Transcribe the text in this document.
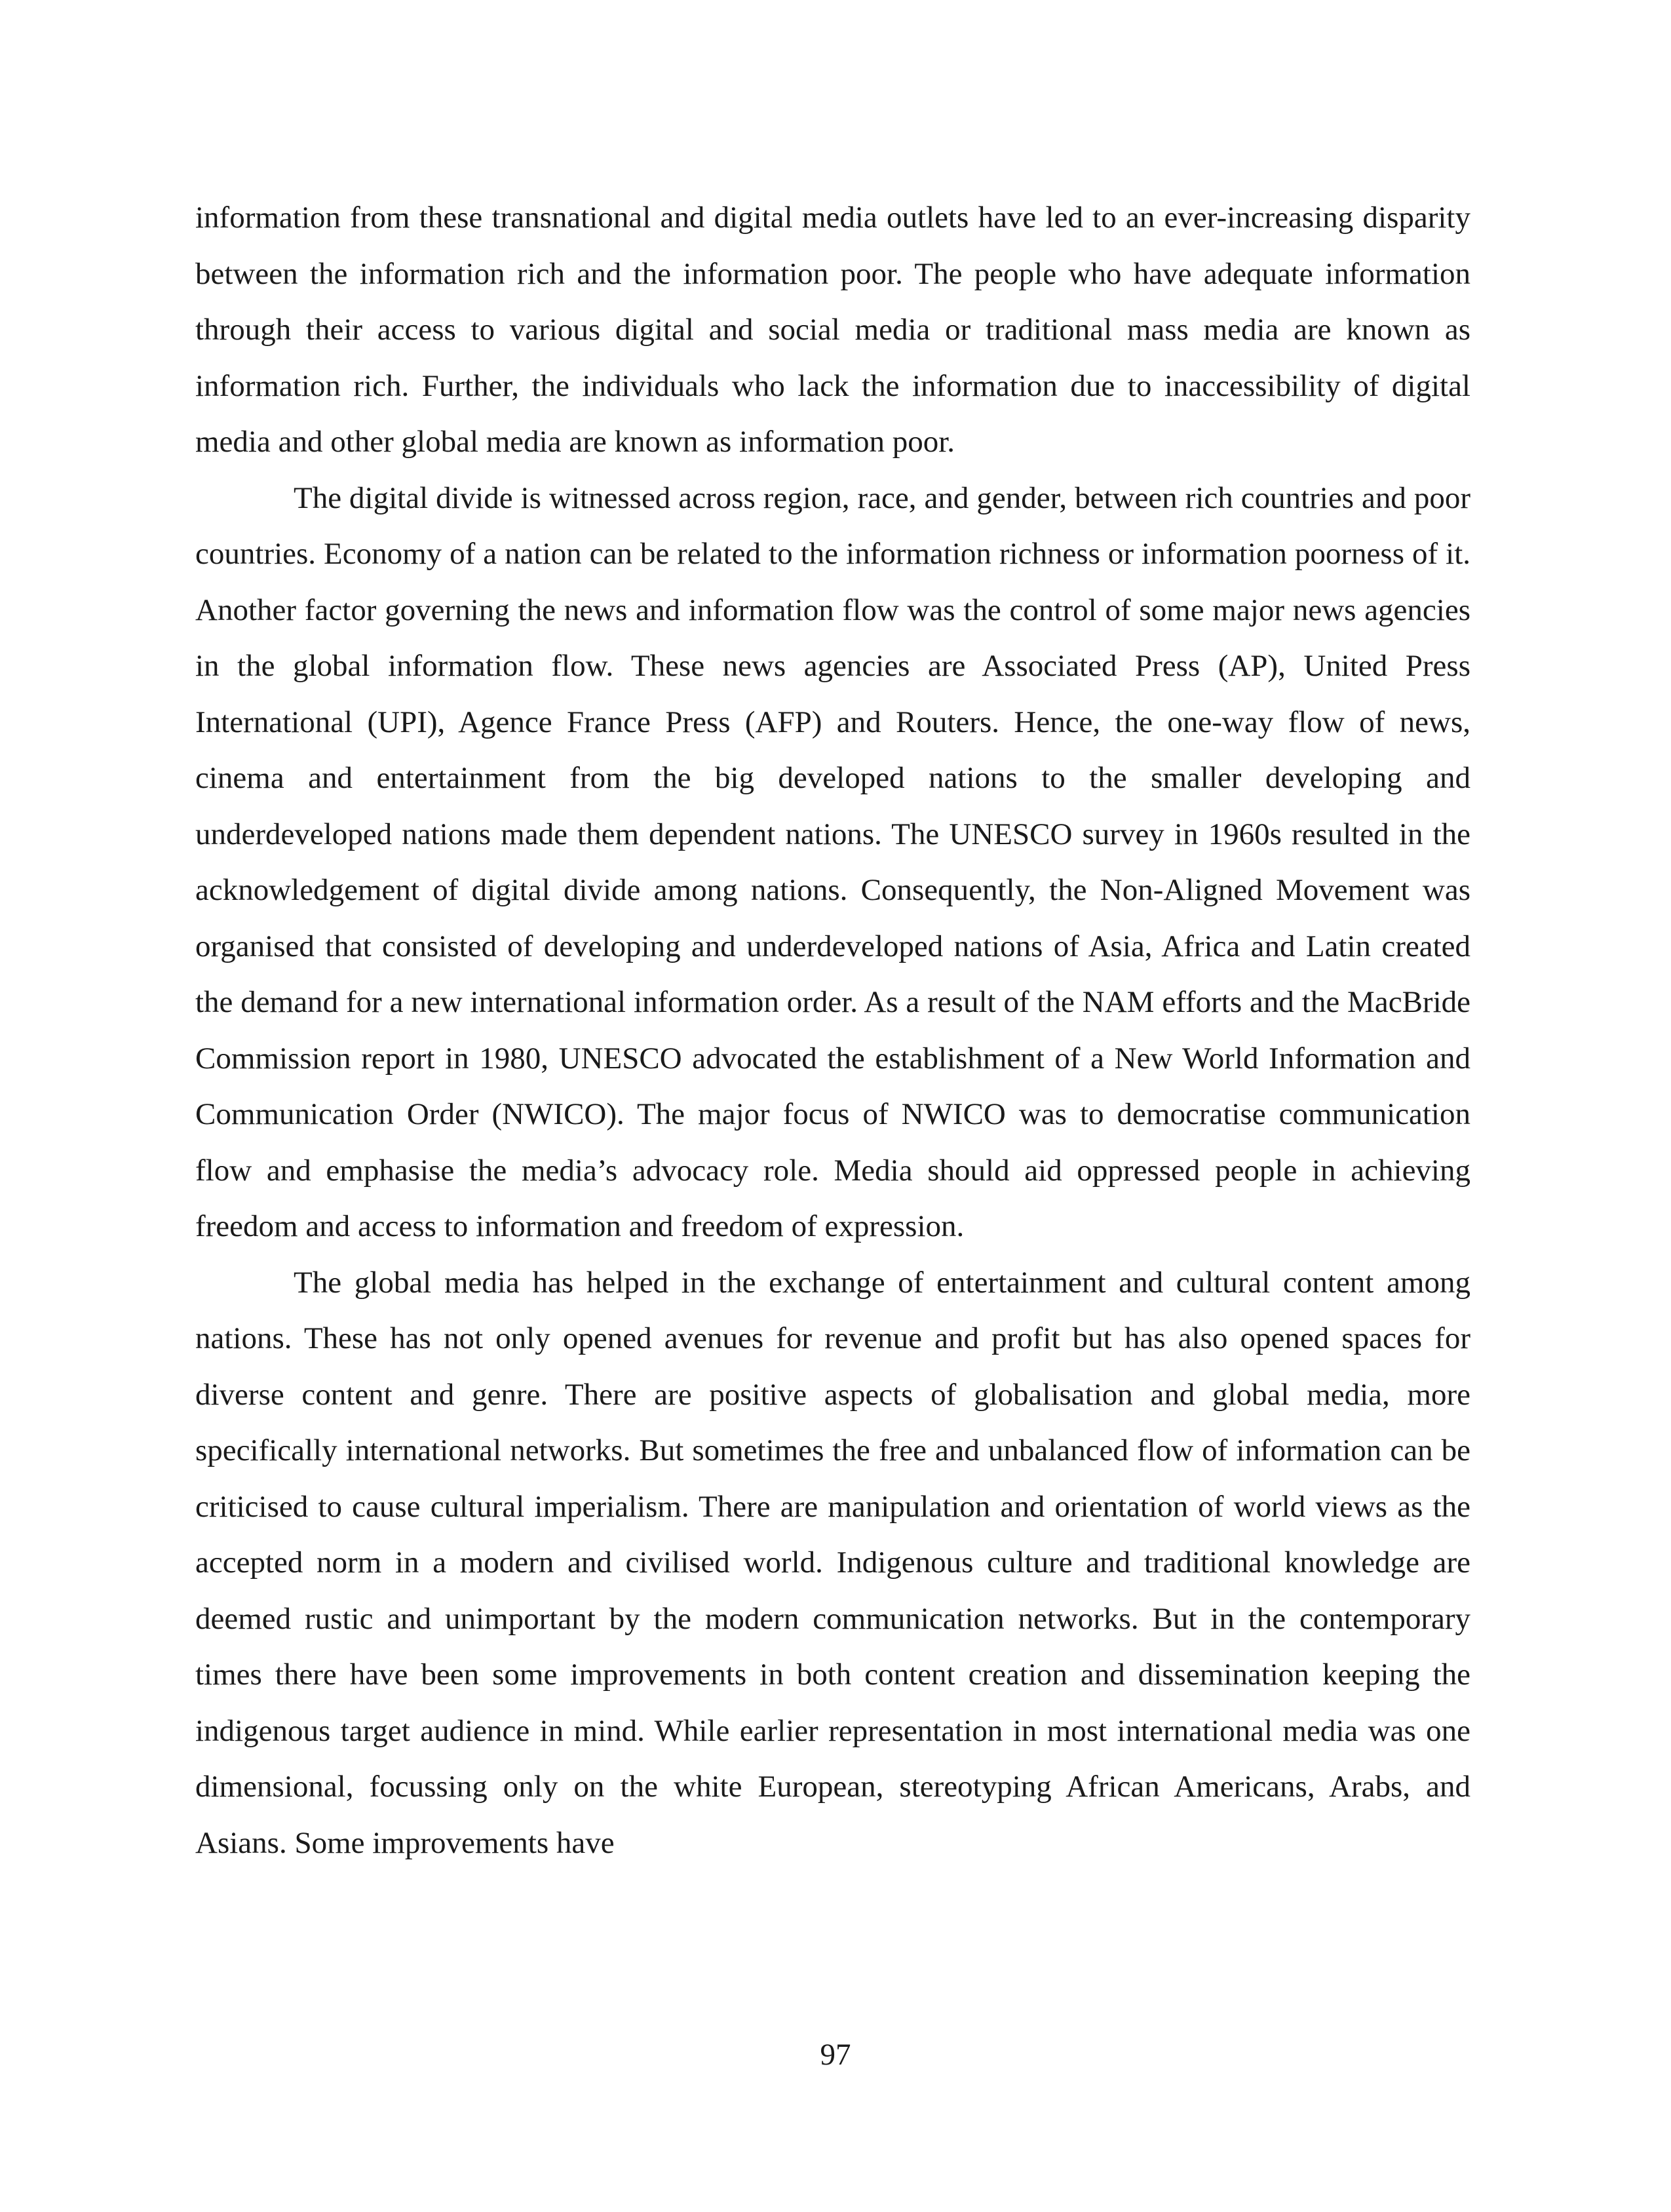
information from these transnational and digital media outlets have led to an ever-increasing disparity between the information rich and the information poor. The people who have adequate information through their access to various digital and social media or traditional mass media are known as information rich. Further, the individuals who lack the information due to inaccessibility of digital media and other global media are known as information poor.

The digital divide is witnessed across region, race, and gender, between rich countries and poor countries. Economy of a nation can be related to the information richness or information poorness of it. Another factor governing the news and information flow was the control of some major news agencies in the global information flow. These news agencies are Associated Press (AP), United Press International (UPI), Agence France Press (AFP) and Routers. Hence, the one-way flow of news, cinema and entertainment from the big developed nations to the smaller developing and underdeveloped nations made them dependent nations. The UNESCO survey in 1960s resulted in the acknowledgement of digital divide among nations. Consequently, the Non-Aligned Movement was organised that consisted of developing and underdeveloped nations of Asia, Africa and Latin created the demand for a new international information order. As a result of the NAM efforts and the MacBride Commission report in 1980, UNESCO advocated the establishment of a New World Information and Communication Order (NWICO). The major focus of NWICO was to democratise communication flow and emphasise the media’s advocacy role. Media should aid oppressed people in achieving freedom and access to information and freedom of expression.

The global media has helped in the exchange of entertainment and cultural content among nations. These has not only opened avenues for revenue and profit but has also opened spaces for diverse content and genre. There are positive aspects of globalisation and global media, more specifically international networks. But sometimes the free and unbalanced flow of information can be criticised to cause cultural imperialism. There are manipulation and orientation of world views as the accepted norm in a modern and civilised world. Indigenous culture and traditional knowledge are deemed rustic and unimportant by the modern communication networks. But in the contemporary times there have been some improvements in both content creation and dissemination keeping the indigenous target audience in mind. While earlier representation in most international media was one dimensional, focussing only on the white European, stereotyping African Americans, Arabs, and Asians. Some improvements have

97
